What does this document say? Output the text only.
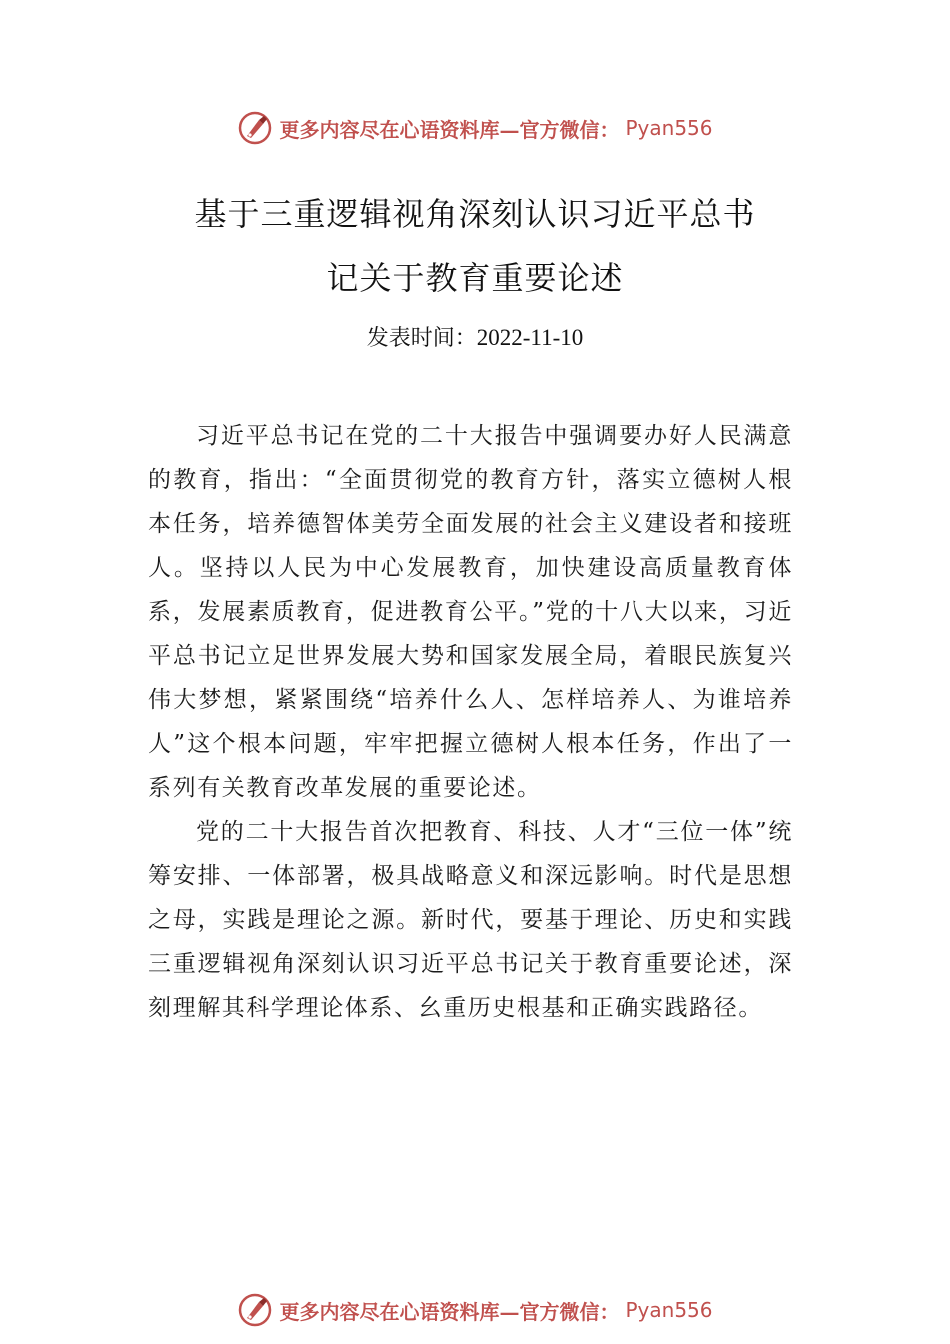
更多内容尽在心语资料库—官方微信： Pyan556
基于三重逻辑视角深刻认识习近平总书
记关于教育重要论述
发表时间：2022-11-10

习近平总书记在党的二十大报告中强调要办好人民满意的教育，指出：“全面贯彻党的教育方针，落实立德树人根本任务，培养德智体美劳全面发展的社会主义建设者和接班人。坚持以人民为中心发展教育，加快建设高质量教育体系，发展素质教育，促进教育公平。”党的十八大以来，习近平总书记立足世界发展大势和国家发展全局，着眼民族复兴伟大梦想，紧紧围绕“培养什么人、怎样培养人、为谁培养人”这个根本问题，牢牢把握立德树人根本任务，作出了一系列有关教育改革发展的重要论述。

党的二十大报告首次把教育、科技、人才“三位一体”统筹安排、一体部署，极具战略意义和深远影响。时代是思想之母，实践是理论之源。新时代，要基于理论、历史和实践三重逻辑视角深刻认识习近平总书记关于教育重要论述，深刻理解其科学理论体系、⺓重历史根基和正确实践路径。

更多内容尽在心语资料库—官方微信： Pyan556
